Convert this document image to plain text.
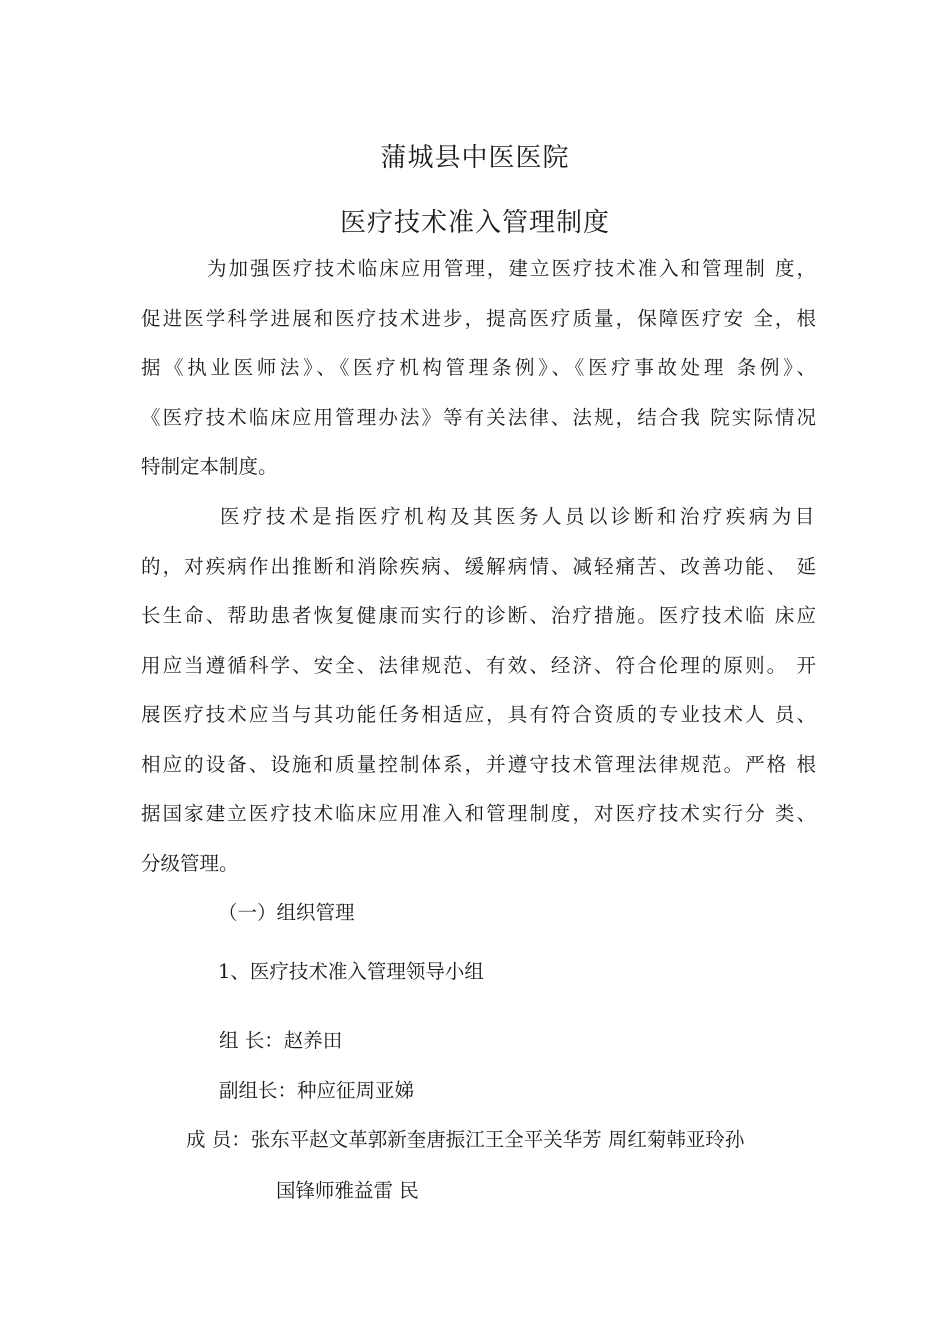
蒲城县中医医院
医疗技术准入管理制度
为加强医疗技术临床应用管理，建立医疗技术准入和管理制 度，
促进医学科学进展和医疗技术进步，提高医疗质量，保障医疗安 全，根
据《执业医师法》、《医疗机构管理条例》、《医疗事故处理 条例》、
《医疗技术临床应用管理办法》等有关法律、法规，结合我 院实际情况
特制定本制度。
医疗技术是指医疗机构及其医务人员以诊断和治疗疾病为目
的，对疾病作出推断和消除疾病、缓解病情、减轻痛苦、改善功能、 延
长生命、帮助患者恢复健康而实行的诊断、治疗措施。医疗技术临 床应
用应当遵循科学、安全、法律规范、有效、经济、符合伦理的原则。 开
展医疗技术应当与其功能任务相适应，具有符合资质的专业技术人 员、
相应的设备、设施和质量控制体系，并遵守技术管理法律规范。严格 根
据国家建立医疗技术临床应用准入和管理制度，对医疗技术实行分 类、
分级管理。
（一）组织管理
1、医疗技术准入管理领导小组
组 长：赵养田
副组长：种应征周亚娣
成 员：张东平赵文革郭新奎唐振江王全平关华芳 周红菊韩亚玲孙
国锋师雅益雷 民
